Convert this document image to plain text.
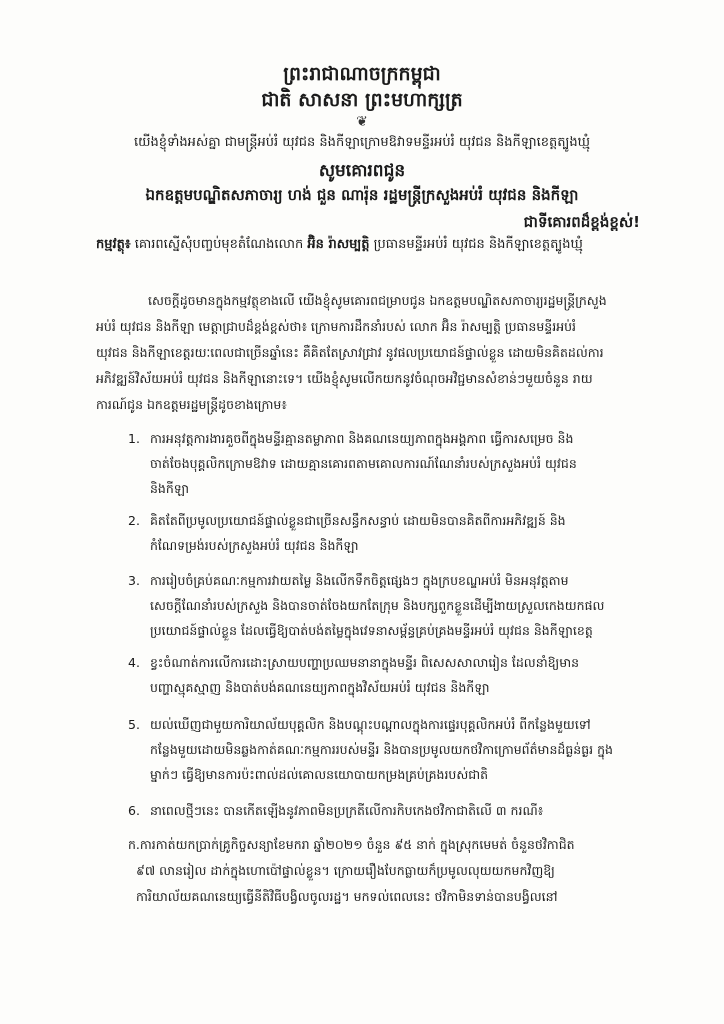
ព្រះរាជាណាចក្រកម្ពុជា
ជាតិ សាសនា ព្រះមហាក្សត្រ
❦
យើងខ្ញុំទាំងអស់គ្នា ជាមន្ត្រីអប់រំ យុវជន និងកីឡាក្រោមឱវាទមន្ទីរអប់រំ យុវជន និងកីឡាខេត្តត្បូងឃ្មុំ
សូមគោរពជូន
ឯកឧត្តមបណ្ឌិតសភាចារ្យ ហង់ ជួន ណារ៉ុន រដ្ឋមន្ត្រីក្រសួងអប់រំ យុវជន និងកីឡា
ជាទីគោរពដ៏ខ្ពង់ខ្ពស់!
កម្មវត្ថុ៖ គោរពស្នើសុំបញ្ចប់មុខតំណែងលោក អ៊ិន រ៉ាសម្បត្តិ ប្រធានមន្ទីរអប់រំ យុវជន និងកីឡាខេត្តត្បូងឃ្មុំ
សេចក្តីដូចមានក្នុងកម្មវត្ថុខាងលើ យើងខ្ញុំសូមគោរពជម្រាបជូន ឯកឧត្តមបណ្ឌិតសភាចារ្យរដ្ឋមន្ត្រីក្រសួង
អប់រំ យុវជន និងកីឡា មេត្តាជ្រាបដ៏ខ្ពង់ខ្ពស់ថា៖ ក្រោមការដឹកនាំរបស់ លោក អ៊ិន រ៉ាសម្បត្តិ ប្រធានមន្ទីរអប់រំ
យុវជន និងកីឡាខេត្តរយៈពេលជាច្រើនឆ្នាំនេះ គឺគិតតែស្រាវជ្រាវ នូវផលប្រយោជន៍ផ្ទាល់ខ្លួន ដោយមិនគិតដល់ការ
អភិវឌ្ឍន៍វិស័យអប់រំ យុវជន និងកីឡានោះទេ។ យើងខ្ញុំសូមលើកយកនូវចំណុចអវិជ្ជមានសំខាន់ៗមួយចំនួន រាយ
ការណ៍ជូន ឯកឧត្តមរដ្ឋមន្ត្រីដូចខាងក្រោម៖
1. ការអនុវត្តការងារគួចពីក្នុងមន្ទីរគ្មានតម្លាភាព និងគណនេយ្យភាពក្នុងអង្គភាព ធ្វើការសម្រេច និង
ចាត់ចែងបុគ្គលិកក្រោមឱវាទ ដោយគ្មានគោរពតាមគោលការណ៍ណែនាំរបស់ក្រសួងអប់រំ យុវជន
និងកីឡា
2. គិតតែពីប្រមូលប្រយោជន៍ផ្ទាល់ខ្លួនជាច្រើនសន្ធឹកសន្ធាប់ ដោយមិនបានគិតពីការអភិវឌ្ឍន៍ និង
កំណែទម្រង់របស់ក្រសួងអប់រំ យុវជន និងកីឡា
3. ការរៀបចំគ្រប់គណៈកម្មការវាយតម្លៃ និងលើកទឹកចិត្តផ្សេងៗ ក្នុងក្របខណ្ឌអប់រំ មិនអនុវត្តតាម
សេចក្តីណែនាំរបស់ក្រសួង និងបានចាត់ចែងយកតែក្រុម និងបក្សពួកខ្លួនដើម្បីងាយស្រួលកេងយកផល
ប្រយោជន៍ផ្ទាល់ខ្លួន ដែលធ្វើឱ្យបាត់បង់តម្លៃក្នុងវេទនាសម្ព័ន្ធគ្រប់គ្រងមន្ទីរអប់រំ យុវជន និងកីឡាខេត្ត
4. ខ្វះចំណាត់ការលើការដោះស្រាយបញ្ហាប្រឈមនានាក្នុងមន្ទីរ ពិសេសសាលារៀន ដែលនាំឱ្យមាន
បញ្ហាស្មុគស្មាញ និងបាត់បង់គណនេយ្យភាពក្នុងវិស័យអប់រំ យុវជន និងកីឡា
5. យល់ឃើញជាមួយការិយាល័យបុគ្គលិក និងបណ្តុះបណ្តាលក្នុងការផ្ទេរបុគ្គលិកអប់រំ ពីកន្លែងមួយទៅ
កន្លែងមួយដោយមិនឆ្លងកាត់គណៈកម្មការរបស់មន្ទីរ និងបានប្រមូលយកថវិកាក្រោមព័ត៌មានដ៏ធ្ងន់ធ្ងរ ក្នុង
ម្នាក់ៗ ធ្វើឱ្យមានការប៉ះពាល់ដល់គោលនយោបាយកម្រងគ្រប់គ្រងរបស់ជាតិ
6. នាពេលថ្មីៗនេះ បានកើតឡើងនូវភាពមិនប្រក្រតីលើការកិបកេងថវិកាជាតិលើ ៣ ករណី៖
ក.ការកាត់យកប្រាក់គ្រូកិច្ចសន្យាខែមករា ឆ្នាំ២០២១ ចំនួន ៩៥ នាក់ ក្នុងស្រុកមេមត់ ចំនួនថវិកាជិត
៩៧ លានរៀល ដាក់ក្នុងហោប៉ៅផ្ទាល់ខ្លួន។ ក្រោយរឿងបែកធ្លាយក៏ប្រមូលលុយយកមកវិញឱ្យ
ការិយាល័យគណនេយ្យធ្វើនីតិវិធីបង្វិលចូលរដ្ឋ។ មកទល់ពេលនេះ ថវិកាមិនទាន់បានបង្វិលនៅ
